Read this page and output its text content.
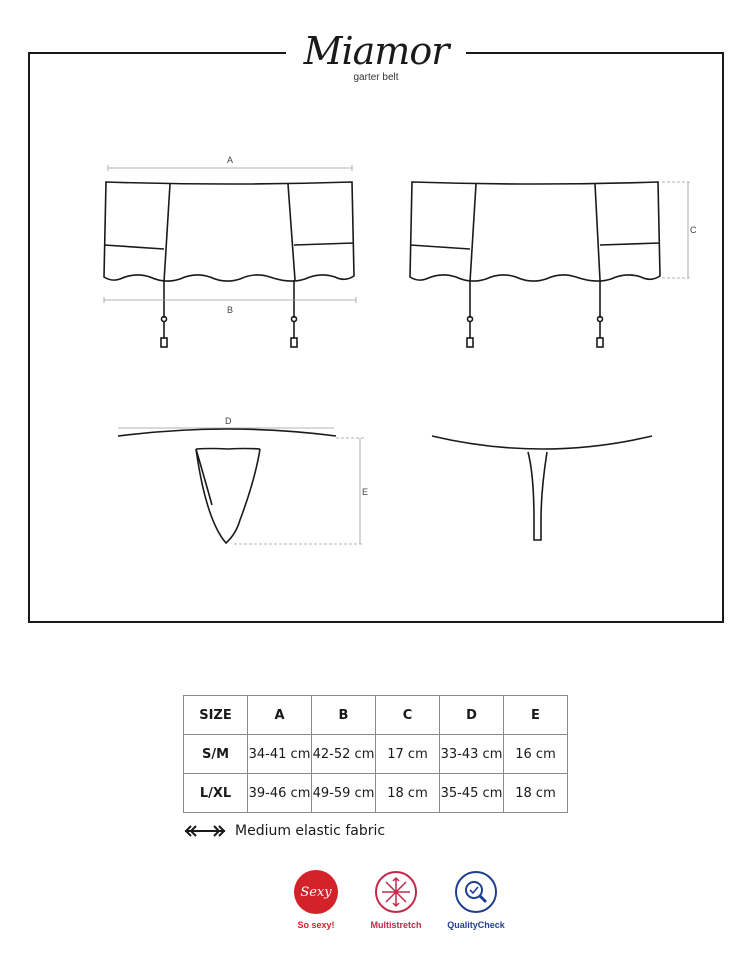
Miamor
garter belt
A
B
C
D
E
SIZE	A	B	C	D	E
S/M	34-41 cm	42-52 cm	17 cm	33-43 cm	16 cm
L/XL	39-46 cm	49-59 cm	18 cm	35-45 cm	18 cm
Medium elastic fabric
Sexy
So sexy!	Multistretch	QualityCheck
